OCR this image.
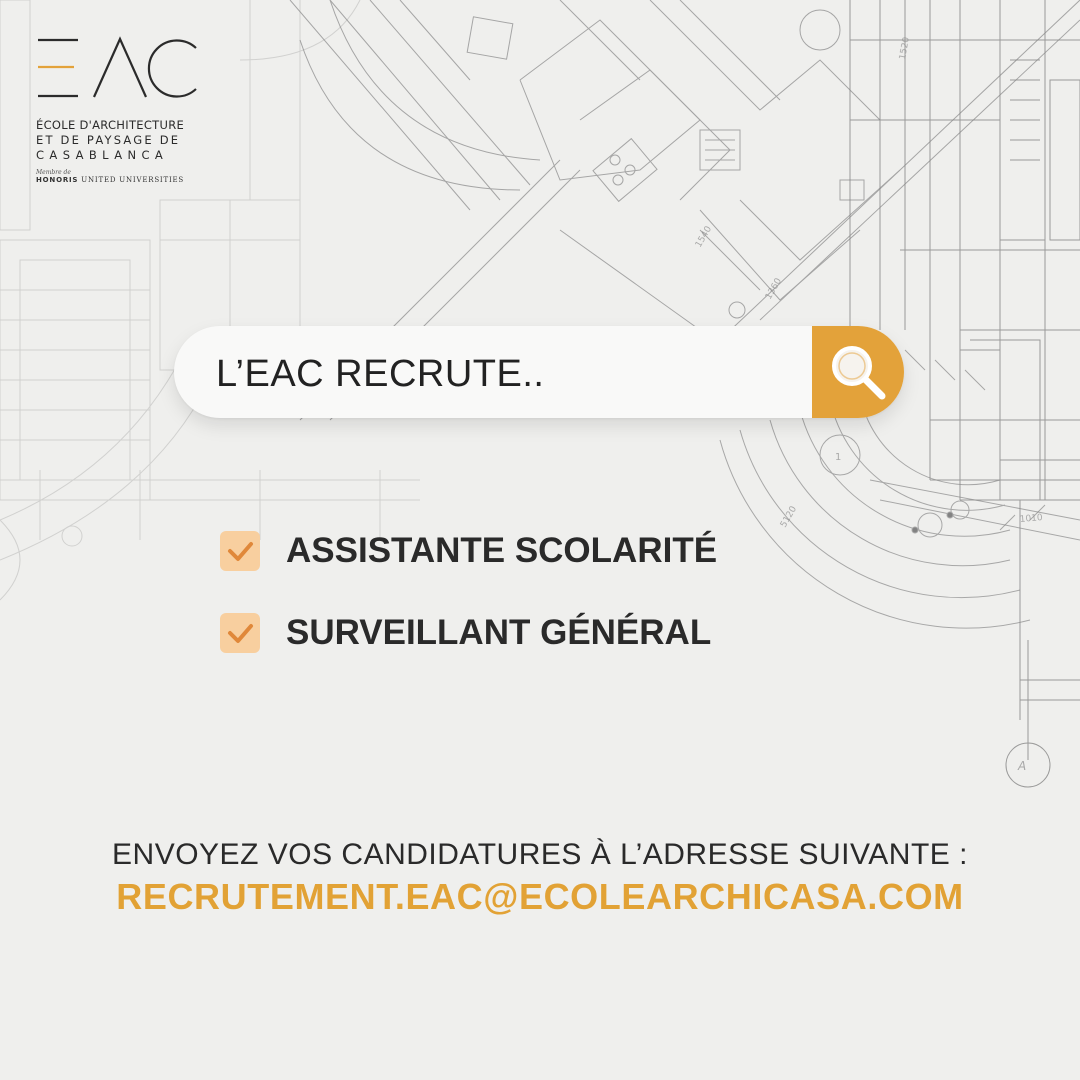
1010
5120
1360
1540
1520
A
1
ÉCOLE D'ARCHITECTURE
ET DE PAYSAGE DE
CASABLANCA
Membre de
HONORIS UNITED UNIVERSITIES
L’EAC RECRUTE..
ASSISTANTE SCOLARITÉ
SURVEILLANT GÉNÉRAL
ENVOYEZ VOS CANDIDATURES À L’ADRESSE SUIVANTE :
RECRUTEMENT.EAC@ECOLEARCHICASA.COM
